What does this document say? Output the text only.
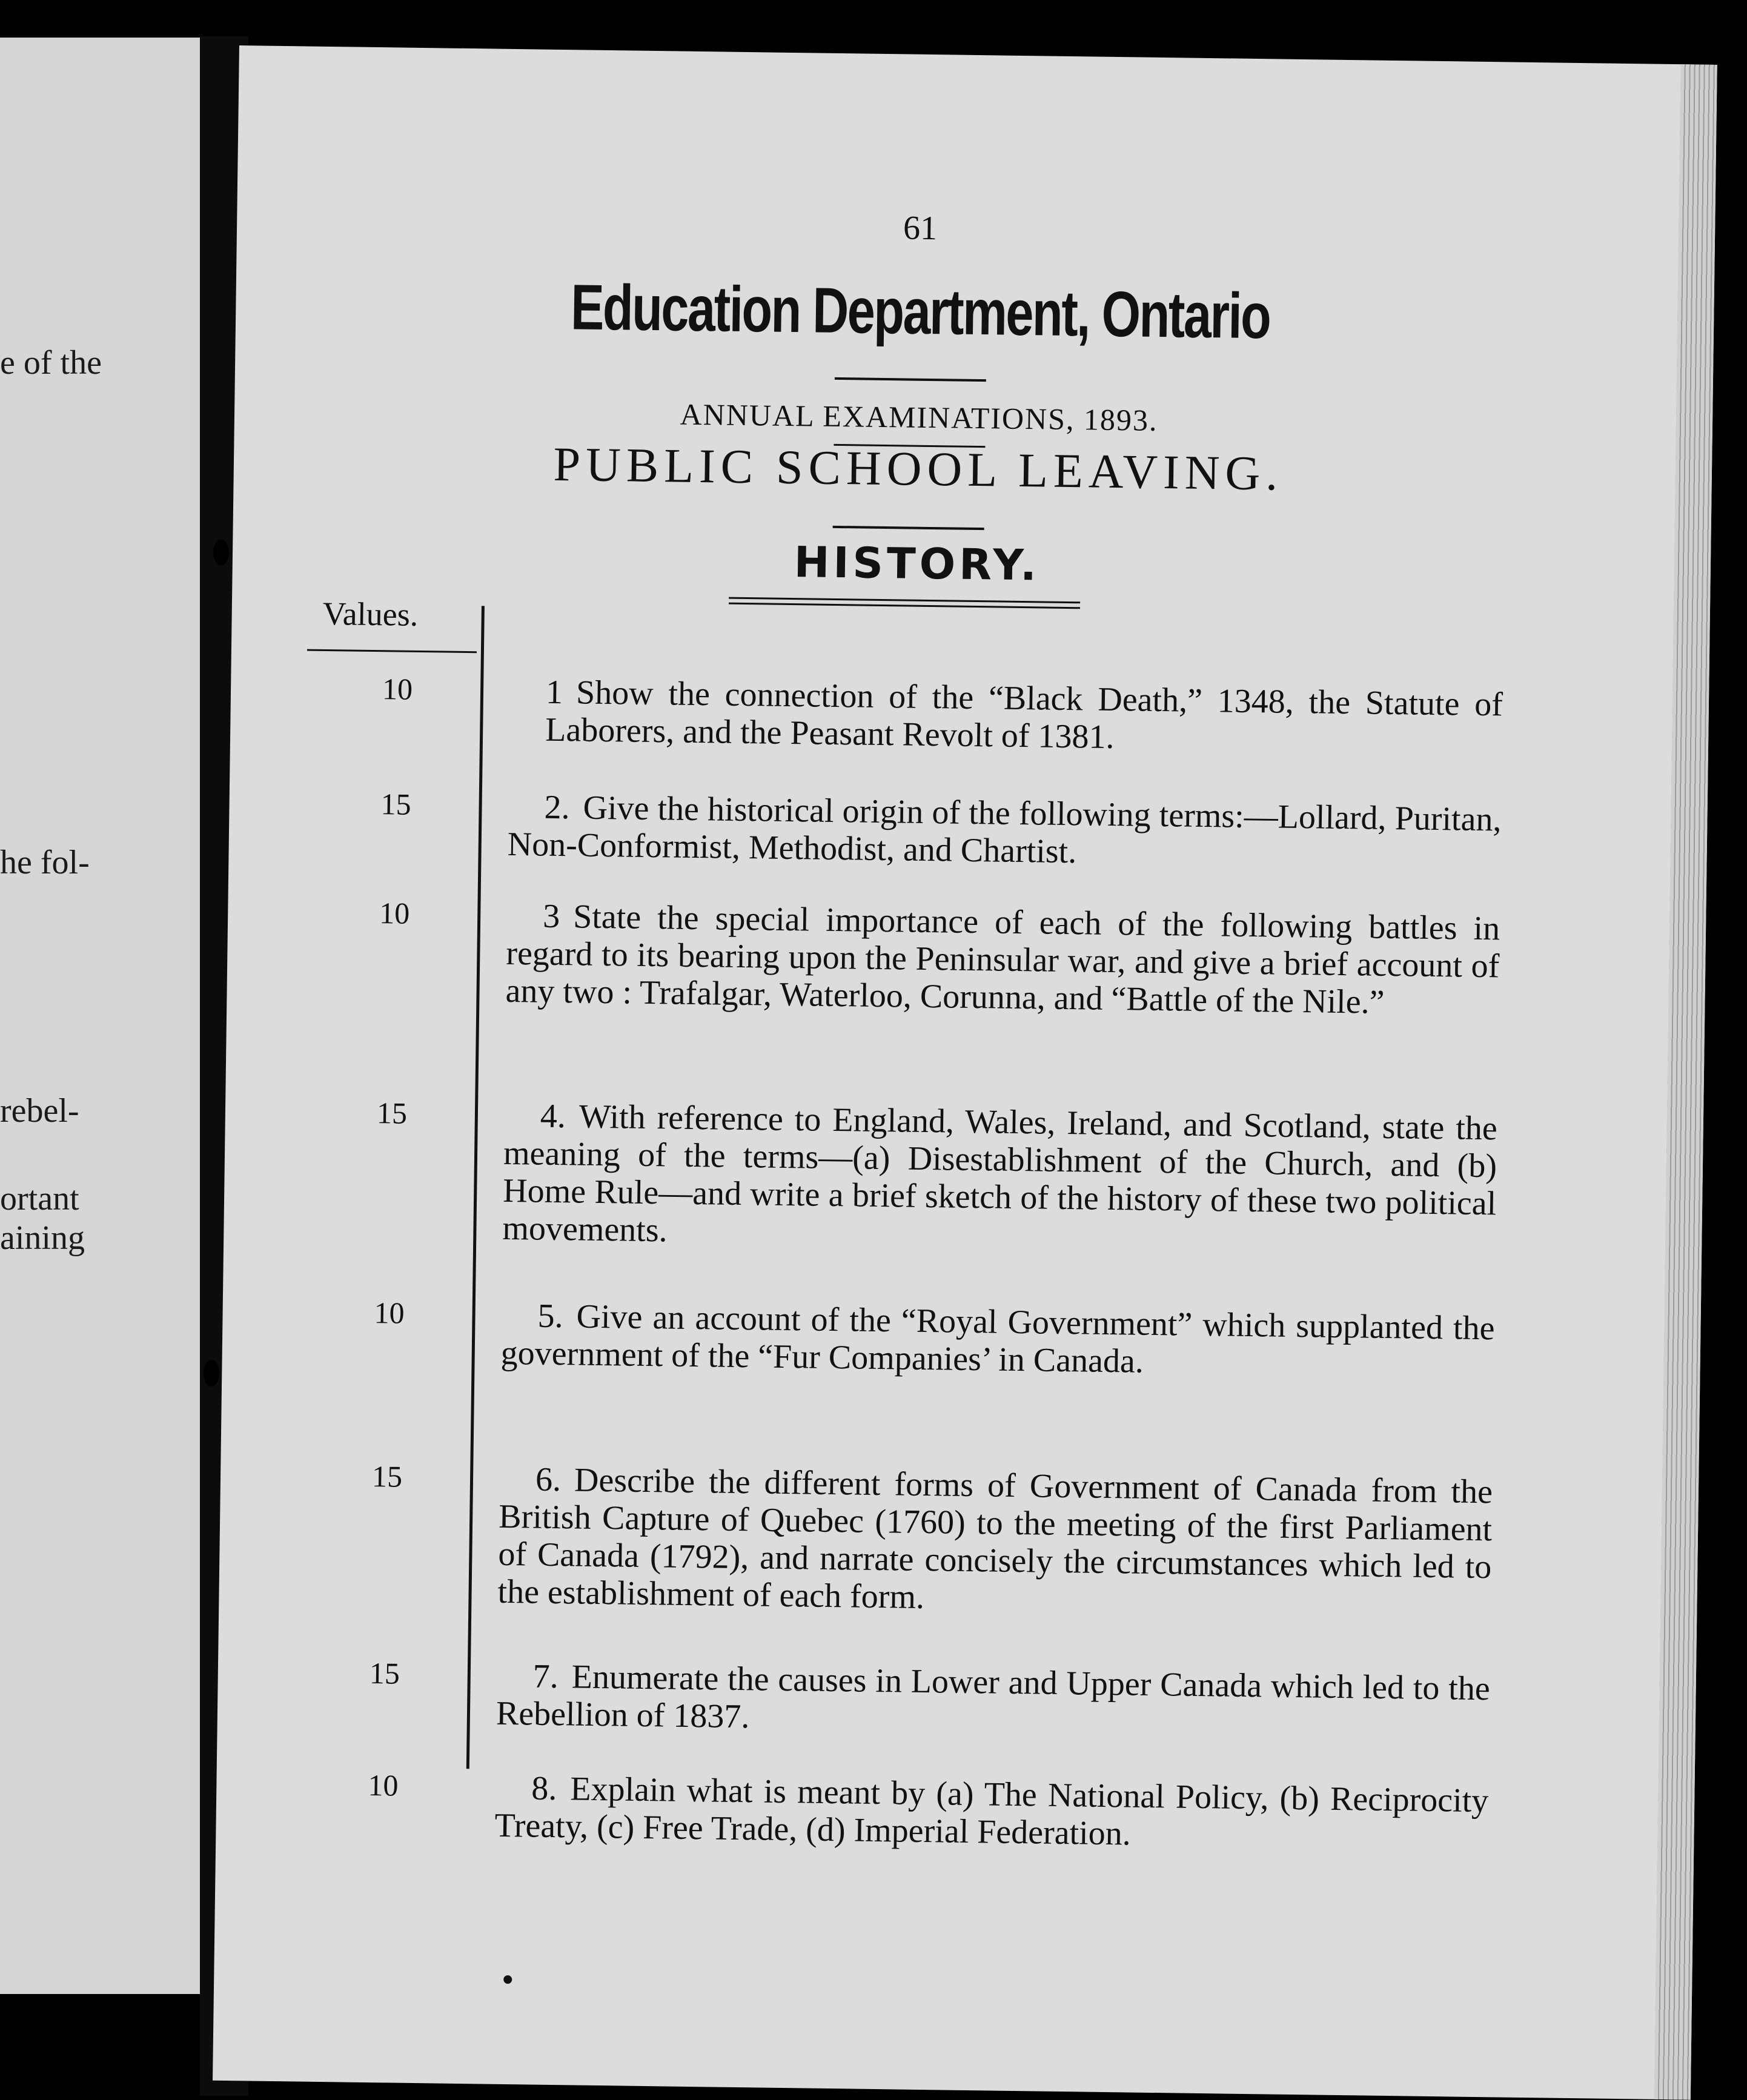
e of the
he fol-
rebel-
ortant
aining
61
Education Department, Ontario
ANNUAL EXAMINATIONS, 1893.
PUBLIC SCHOOL LEAVING.
HISTORY.
Values.
10	1 Show the connection of the “Black Death,” 1348, the Statute of Laborers, and the Peasant Revolt of 1381.
15	2. Give the historical origin of the following terms:—Lollard, Puritan, Non-Conformist, Methodist, and Chartist.
10	3 State the special importance of each of the following battles in regard to its bearing upon the Peninsular war, and give a brief account of any two : Trafalgar, Waterloo, Corunna, and “Battle of the Nile.”
15	4. With reference to England, Wales, Ireland, and Scotland, state the meaning of the terms—(a) Disestablishment of the Church, and (b) Home Rule—and write a brief sketch of the history of these two political movements.
10	5. Give an account of the “Royal Government” which supplanted the government of the “Fur Companies’ in Canada.
15	6. Describe the different forms of Government of Canada from the British Capture of Quebec (1760) to the meeting of the first Parliament of Canada (1792), and narrate concisely the circumstances which led to the establishment of each form.
15	7. Enumerate the causes in Lower and Upper Canada which led to the Rebellion of 1837.
10	8. Explain what is meant by (a) The National Policy, (b) Reciprocity Treaty, (c) Free Trade, (d) Imperial Federation.
